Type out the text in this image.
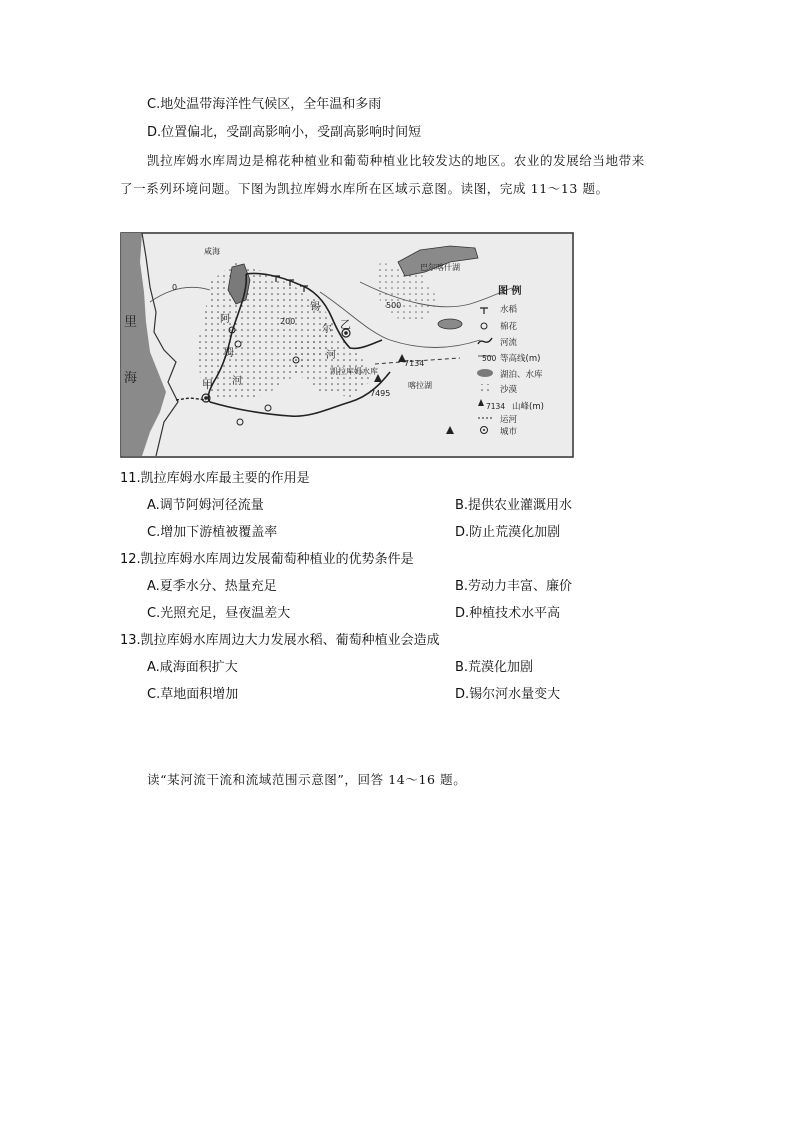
C.地处温带海洋性气候区，全年温和多雨
D.位置偏北，受副高影响小，受副高影响时间短
凯拉库姆水库周边是棉花种植业和葡萄种植业比较发达的地区。农业的发展给当地带来
了一系列环境问题。下图为凯拉库姆水库所在区域示意图。读图，完成 11～13 题。
里
海
咸海
巴尔喀什湖
阿
姆
河
锡
尔
河
甲
乙
凯拉库姆水库
7134
7495
喀拉湖
200
500
0	图 例
水稻
棉花
河流
500 等高线(m)
湖泊、水库
沙漠
7134 山峰(m)
运河
城市
11.凯拉库姆水库最主要的作用是
A.调节阿姆河径流量	B.提供农业灌溉用水
C.增加下游植被覆盖率	D.防止荒漠化加剧
12.凯拉库姆水库周边发展葡萄种植业的优势条件是
A.夏季水分、热量充足	B.劳动力丰富、廉价
C.光照充足，昼夜温差大	D.种植技术水平高
13.凯拉库姆水库周边大力发展水稻、葡萄种植业会造成
A.咸海面积扩大	B.荒漠化加剧
C.草地面积增加	D.锡尔河水量变大
读“某河流干流和流域范围示意图”，回答 14～16 题。
